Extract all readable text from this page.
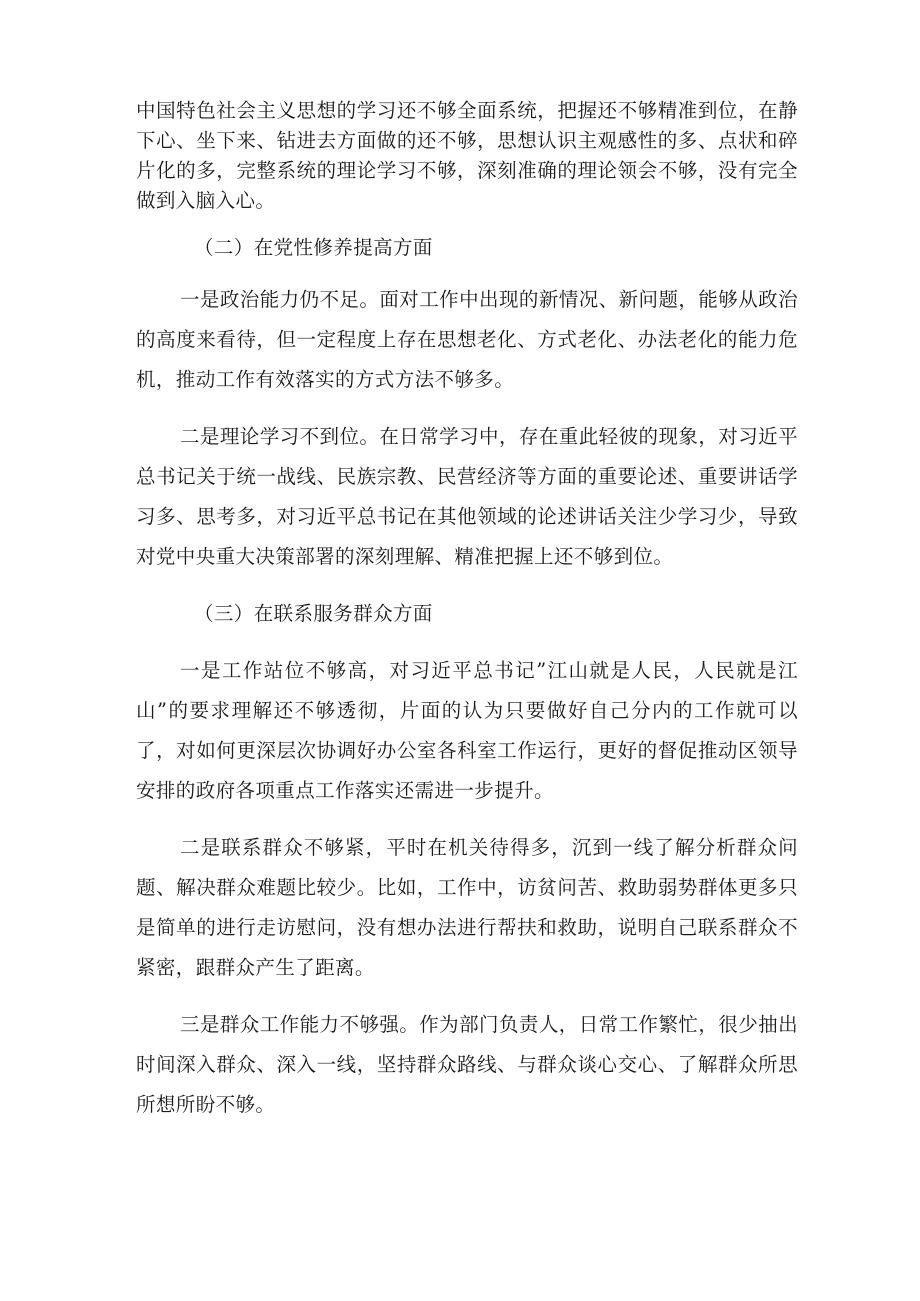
中国特色社会主义思想的学习还不够全面系统，把握还不够精准到位，在静下心、坐下来、钻进去方面做的还不够，思想认识主观感性的多、点状和碎片化的多，完整系统的理论学习不够，深刻准确的理论领会不够，没有完全做到入脑入心。

（二）在党性修养提高方面

一是政治能力仍不足。面对工作中出现的新情况、新问题，能够从政治的高度来看待，但一定程度上存在思想老化、方式老化、办法老化的能力危机，推动工作有效落实的方式方法不够多。

二是理论学习不到位。在日常学习中，存在重此轻彼的现象，对习近平总书记关于统一战线、民族宗教、民营经济等方面的重要论述、重要讲话学习多、思考多，对习近平总书记在其他领域的论述讲话关注少学习少，导致对党中央重大决策部署的深刻理解、精准把握上还不够到位。

（三）在联系服务群众方面

一是工作站位不够高，对习近平总书记”江山就是人民，人民就是江山”的要求理解还不够透彻，片面的认为只要做好自己分内的工作就可以了，对如何更深层次协调好办公室各科室工作运行，更好的督促推动区领导安排的政府各项重点工作落实还需进一步提升。

二是联系群众不够紧，平时在机关待得多，沉到一线了解分析群众问题、解决群众难题比较少。比如，工作中，访贫问苦、救助弱势群体更多只是简单的进行走访慰问，没有想办法进行帮扶和救助，说明自己联系群众不紧密，跟群众产生了距离。

三是群众工作能力不够强。作为部门负责人，日常工作繁忙，很少抽出时间深入群众、深入一线，坚持群众路线、与群众谈心交心、了解群众所思所想所盼不够。
